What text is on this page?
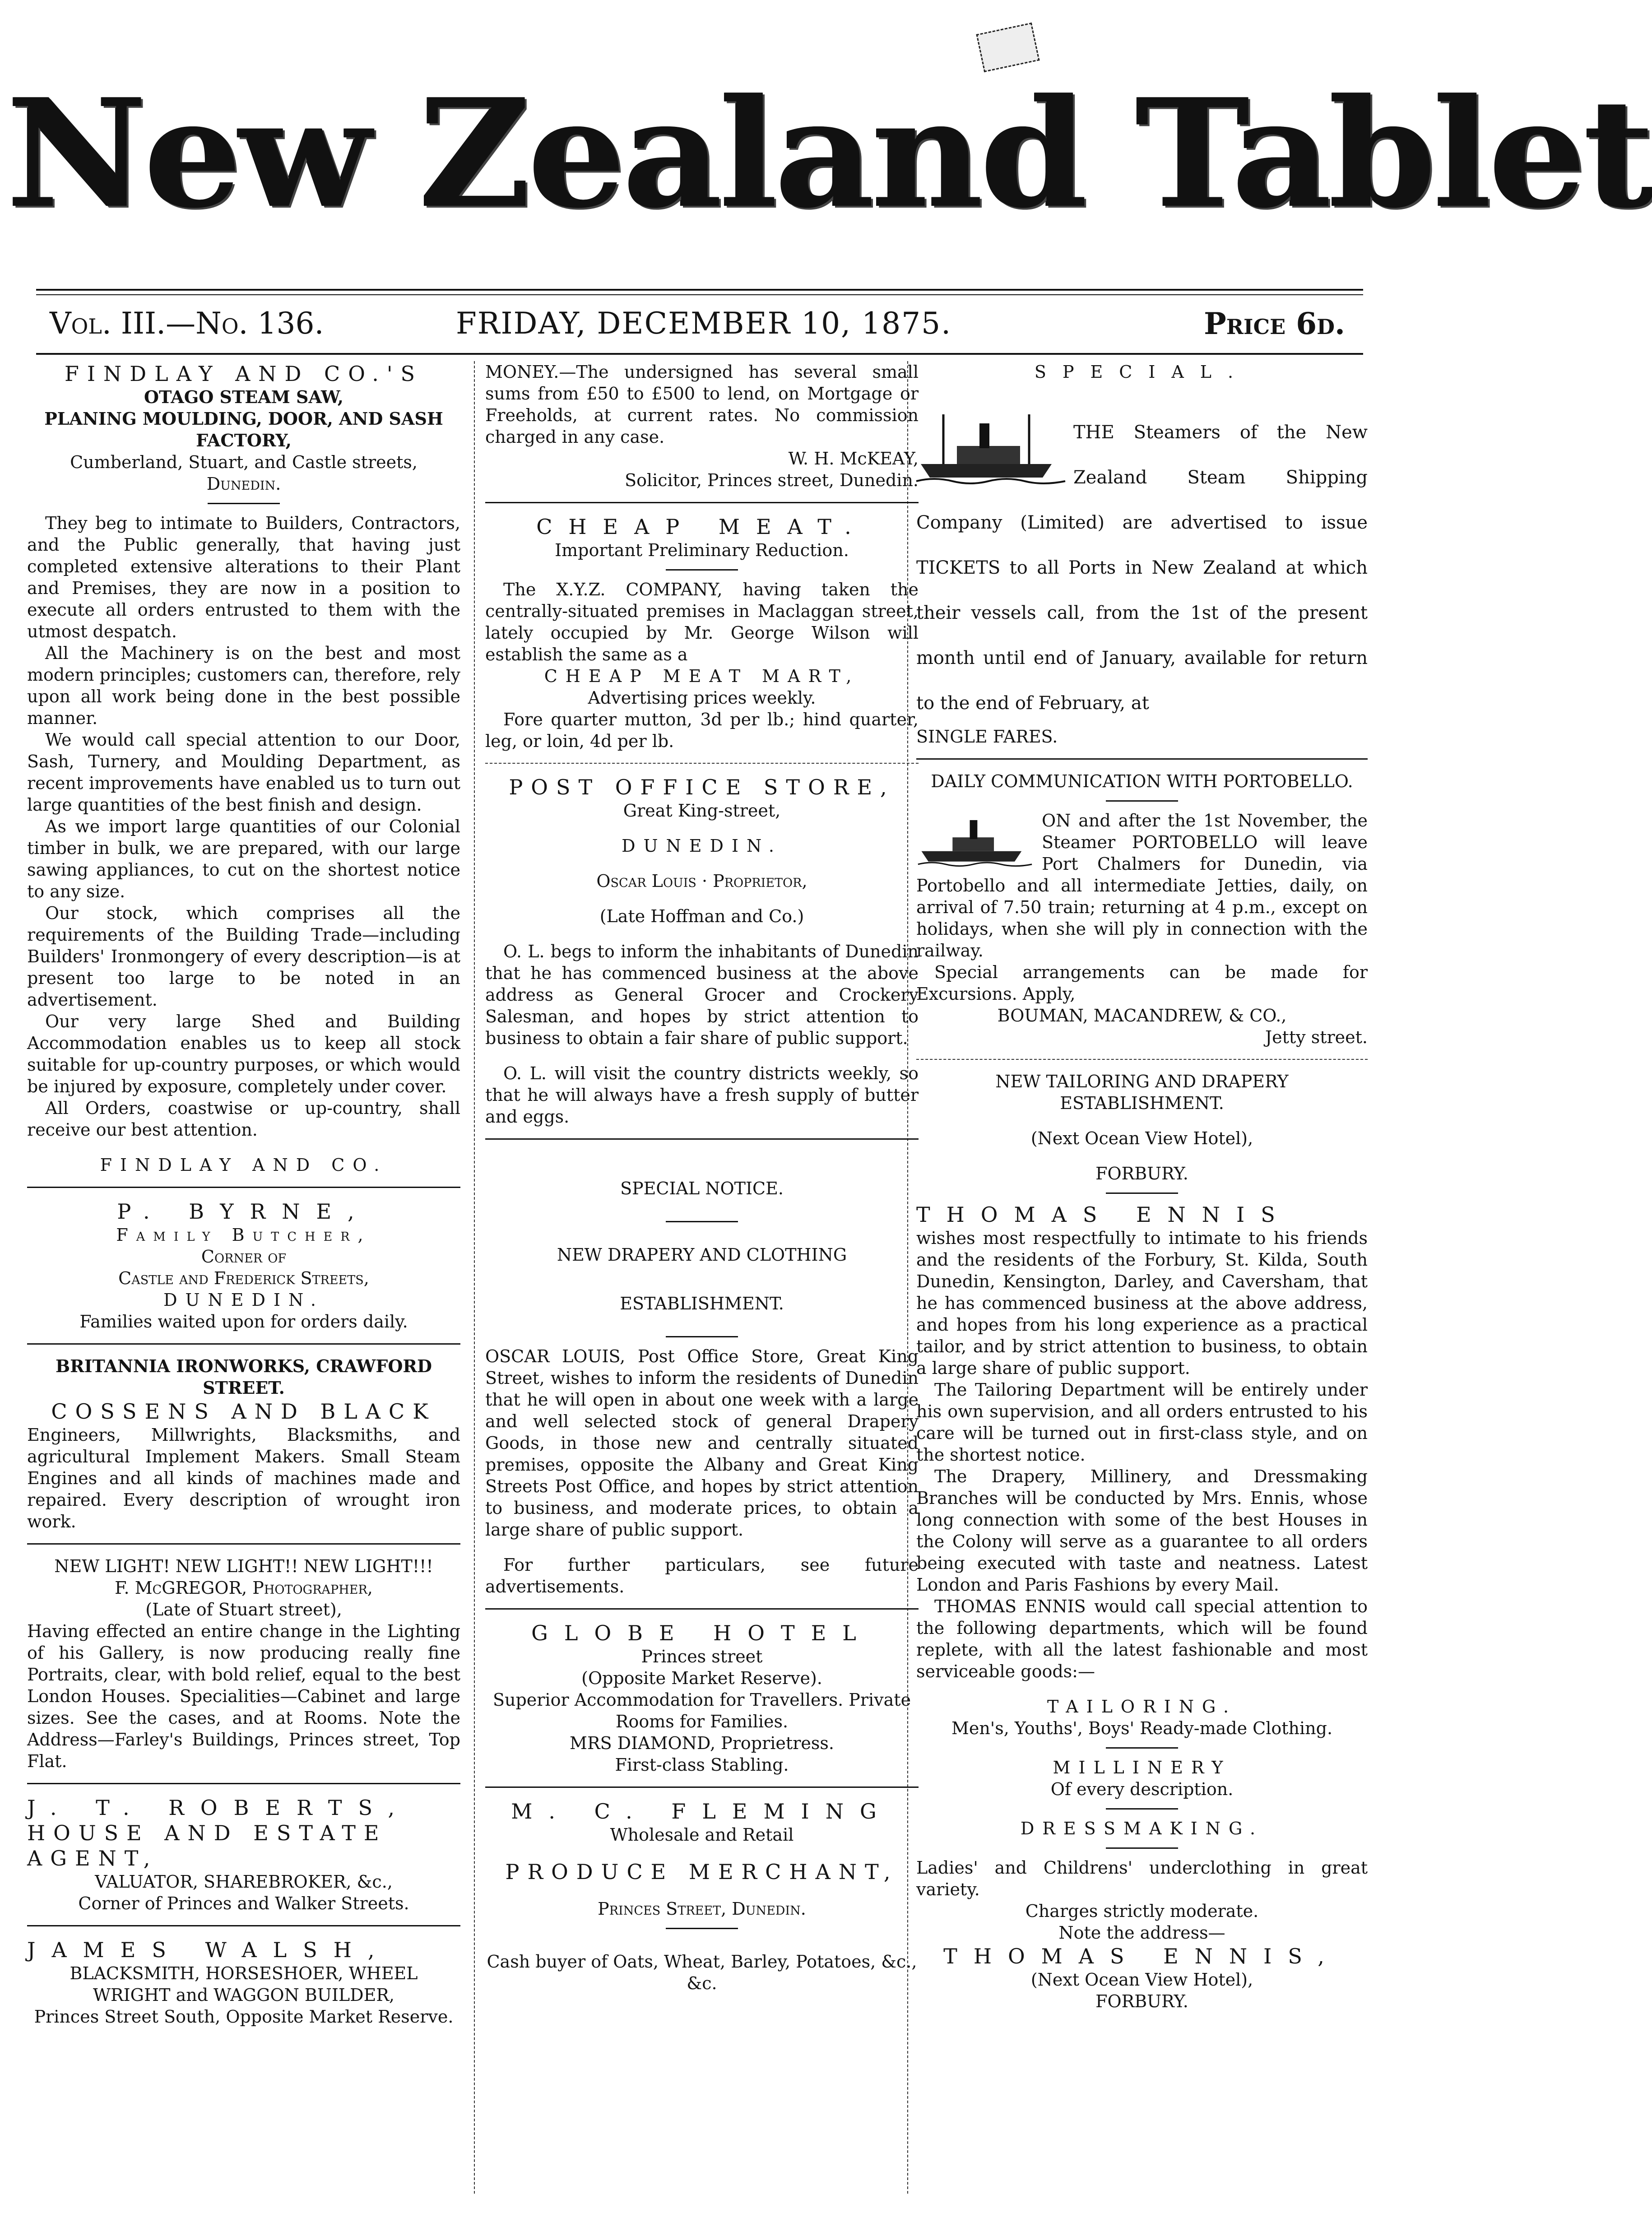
New Zealand Tablet
Vol. III.—No. 136.	FRIDAY, DECEMBER 10, 1875.	Price 6d.
FINDLAY AND CO.'S
OTAGO STEAM SAW,
PLANING MOULDING, DOOR, AND SASH FACTORY,
Cumberland, Stuart, and Castle streets,
Dunedin.
They beg to intimate to Builders, Contractors, and the Public generally, that having just completed extensive alterations to their Plant and Premises, they are now in a position to execute all orders entrusted to them with the utmost despatch.
All the Machinery is on the best and most modern principles; customers can, therefore, rely upon all work being done in the best possible manner.
We would call special attention to our Door, Sash, Turnery, and Moulding Department, as recent improvements have enabled us to turn out large quantities of the best finish and design.
As we import large quantities of our Colonial timber in bulk, we are prepared, with our large sawing appliances, to cut on the shortest notice to any size.
Our stock, which comprises all the requirements of the Building Trade—including Builders' Ironmongery of every description—is at present too large to be noted in an advertisement.
Our very large Shed and Building Accommodation enables us to keep all stock suitable for up-country purposes, or which would be injured by exposure, completely under cover.
All Orders, coastwise or up-country, shall receive our best attention.
FINDLAY AND CO.
P. BYRNE,
Family Butcher,
Corner of
Castle and Frederick Streets,
DUNEDIN.
Families waited upon for orders daily.
BRITANNIA IRONWORKS, CRAWFORD STREET.
COSSENS AND BLACK
Engineers, Millwrights, Blacksmiths, and agricultural Implement Makers. Small Steam Engines and all kinds of machines made and repaired. Every description of wrought iron work.
NEW LIGHT! NEW LIGHT!! NEW LIGHT!!!
F. McGREGOR, Photographer,
(Late of Stuart street),
Having effected an entire change in the Lighting of his Gallery, is now producing really fine Portraits, clear, with bold relief, equal to the best London Houses. Specialities—Cabinet and large sizes. See the cases, and at Rooms. Note the Address—Farley's Buildings, Princes street, Top Flat.
J. T. ROBERTS,
HOUSE AND ESTATE AGENT,
VALUATOR, SHAREBROKER, &c.,
Corner of Princes and Walker Streets.
JAMES WALSH,
BLACKSMITH, HORSESHOER, WHEEL
WRIGHT and WAGGON BUILDER,
Princes Street South, Opposite Market Reserve.
MONEY.—The undersigned has several small sums from £50 to £500 to lend, on Mortgage or Freeholds, at current rates. No commission charged in any case.
W. H. McKEAY,
Solicitor, Princes street, Dunedin.
CHEAP MEAT.
Important Preliminary Reduction.
The X.Y.Z. COMPANY, having taken the centrally-situated premises in Maclaggan street, lately occupied by Mr. George Wilson will establish the same as a
CHEAP MEAT MART,
Advertising prices weekly.
Fore quarter mutton, 3d per lb.; hind quarter, leg, or loin, 4d per lb.
POST OFFICE STORE,
Great King-street,
DUNEDIN.
Oscar Louis · Proprietor,
(Late Hoffman and Co.)
O. L. begs to inform the inhabitants of Dunedin that he has commenced business at the above address as General Grocer and Crockery Salesman, and hopes by strict attention to business to obtain a fair share of public support.
O. L. will visit the country districts weekly, so that he will always have a fresh supply of butter and eggs.
SPECIAL NOTICE.
NEW DRAPERY AND CLOTHING
ESTABLISHMENT.
OSCAR LOUIS, Post Office Store, Great King Street, wishes to inform the residents of Dunedin that he will open in about one week with a large and well selected stock of general Drapery Goods, in those new and centrally situated premises, opposite the Albany and Great King Streets Post Office, and hopes by strict attention to business, and moderate prices, to obtain a large share of public support.
For further particulars, see future advertisements.
GLOBE HOTEL
Princes street
(Opposite Market Reserve).
Superior Accommodation for Travellers. Private Rooms for Families.
MRS DIAMOND, Proprietress.
First-class Stabling.
M. C. FLEMING
Wholesale and Retail
PRODUCE MERCHANT,
Princes Street, Dunedin.
Cash buyer of Oats, Wheat, Barley, Potatoes, &c., &c.
SPECIAL.
THE Steamers of the New Zealand Steam Shipping Company (Limited) are advertised to issue TICKETS to all Ports in New Zealand at which their vessels call, from the 1st of the present month until end of January, available for return to the end of February, at
SINGLE FARES.
DAILY COMMUNICATION WITH PORTOBELLO.
ON and after the 1st November, the Steamer PORTOBELLO will leave Port Chalmers for Dunedin, via Portobello and all intermediate Jetties, daily, on arrival of 7.50 train; returning at 4 p.m., except on holidays, when she will ply in connection with the railway.
Special arrangements can be made for Excursions. Apply,
BOUMAN, MACANDREW, & CO.,
Jetty street.
NEW TAILORING AND DRAPERY ESTABLISHMENT.
(Next Ocean View Hotel),
FORBURY.
THOMAS ENNIS
wishes most respectfully to intimate to his friends and the residents of the Forbury, St. Kilda, South Dunedin, Kensington, Darley, and Caversham, that he has commenced business at the above address, and hopes from his long experience as a practical tailor, and by strict attention to business, to obtain a large share of public support.
The Tailoring Department will be entirely under his own supervision, and all orders entrusted to his care will be turned out in first-class style, and on the shortest notice.
The Drapery, Millinery, and Dressmaking Branches will be conducted by Mrs. Ennis, whose long connection with some of the best Houses in the Colony will serve as a guarantee to all orders being executed with taste and neatness. Latest London and Paris Fashions by every Mail.
THOMAS ENNIS would call special attention to the following departments, which will be found replete, with all the latest fashionable and most serviceable goods:—
TAILORING.
Men's, Youths', Boys' Ready-made Clothing.
MILLINERY
Of every description.
DRESSMAKING.
Ladies' and Childrens' underclothing in great variety.
Charges strictly moderate.
Note the address—
THOMAS ENNIS,
(Next Ocean View Hotel),
FORBURY.
